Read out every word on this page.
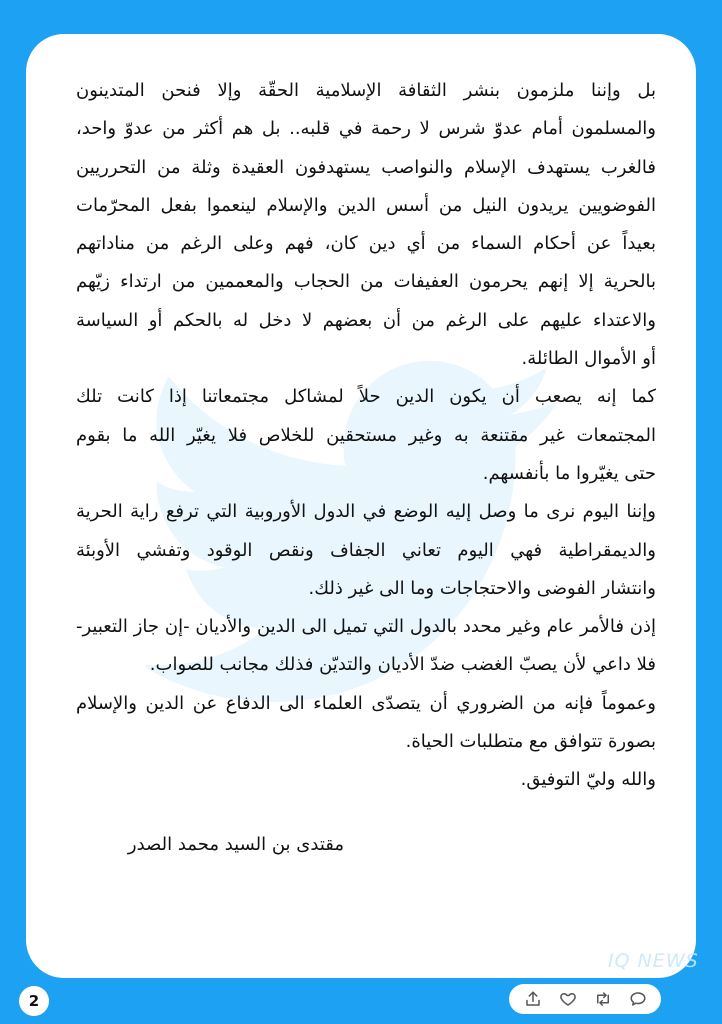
بل وإننا ملزمون بنشر الثقافة الإسلامية الحقّة وإلا فنحن المتدينون
والمسلمون أمام عدوّ شرس لا رحمة في قلبه.. بل هم أكثر من عدوّ واحد،
فالغرب يستهدف الإسلام والنواصب يستهدفون العقيدة وثلة من التحرريين
الفوضويين يريدون النيل من أسس الدين والإسلام لينعموا بفعل المحرّمات
بعيداً عن أحكام السماء من أي دين كان، فهم وعلى الرغم من مناداتهم
بالحرية إلا إنهم يحرمون العفيفات من الحجاب والمعممين من ارتداء زيّهم
والاعتداء عليهم على الرغم من أن بعضهم لا دخل له بالحكم أو السياسة
أو الأموال الطائلة.
كما إنه يصعب أن يكون الدين حلاً لمشاكل مجتمعاتنا إذا كانت تلك
المجتمعات غير مقتنعة به وغير مستحقين للخلاص فلا يغيّر الله ما بقوم
حتى يغيّروا ما بأنفسهم.
وإننا اليوم نرى ما وصل إليه الوضع في الدول الأوروبية التي ترفع راية الحرية
والديمقراطية فهي اليوم تعاني الجفاف ونقص الوقود وتفشي الأوبئة
وانتشار الفوضى والاحتجاجات وما الى غير ذلك.
إذن فالأمر عام وغير محدد بالدول التي تميل الى الدين والأديان -إن جاز التعبير-
فلا داعي لأن يصبّ الغضب ضدّ الأديان والتديّن فذلك مجانب للصواب.
وعموماً فإنه من الضروري أن يتصدّى العلماء الى الدفاع عن الدين والإسلام
بصورة تتوافق مع متطلبات الحياة.
والله وليّ التوفيق.
مقتدى بن السيد محمد الصدر
IQ NEWS
2
